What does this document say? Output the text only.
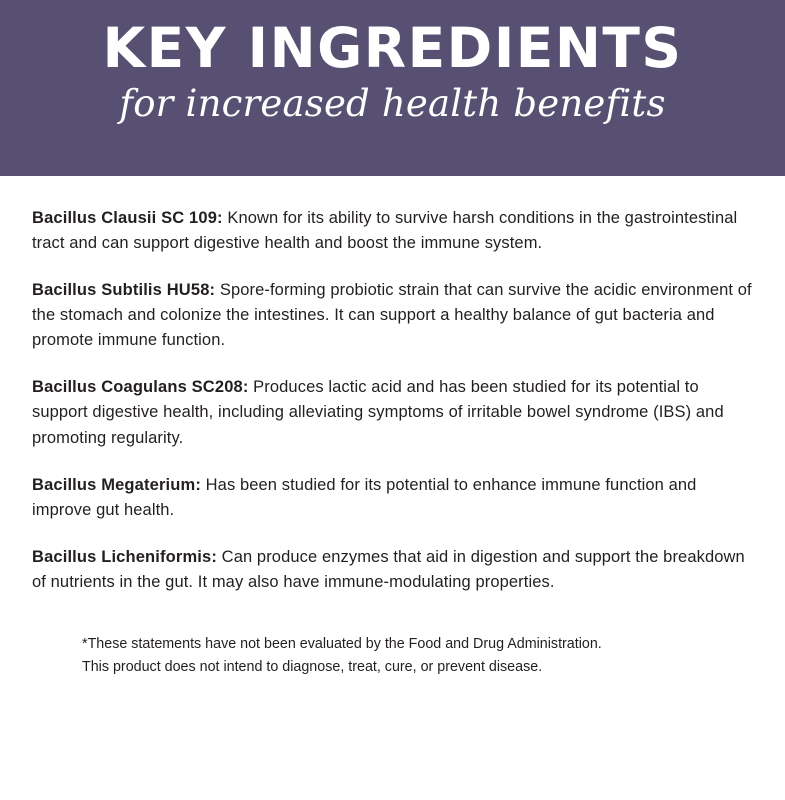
KEY INGREDIENTS
for increased health benefits

Bacillus Clausii SC 109: Known for its ability to survive harsh conditions in the gastrointestinal tract and can support digestive health and boost the immune system.

Bacillus Subtilis HU58: Spore-forming probiotic strain that can survive the acidic environment of the stomach and colonize the intestines. It can support a healthy balance of gut bacteria and promote immune function.

Bacillus Coagulans SC208: Produces lactic acid and has been studied for its potential to support digestive health, including alleviating symptoms of irritable bowel syndrome (IBS) and promoting regularity.

Bacillus Megaterium: Has been studied for its potential to enhance immune function and improve gut health.

Bacillus Licheniformis: Can produce enzymes that aid in digestion and support the breakdown of nutrients in the gut. It may also have immune-modulating properties.

*These statements have not been evaluated by the Food and Drug Administration.

This product does not intend to diagnose, treat, cure, or prevent disease.
